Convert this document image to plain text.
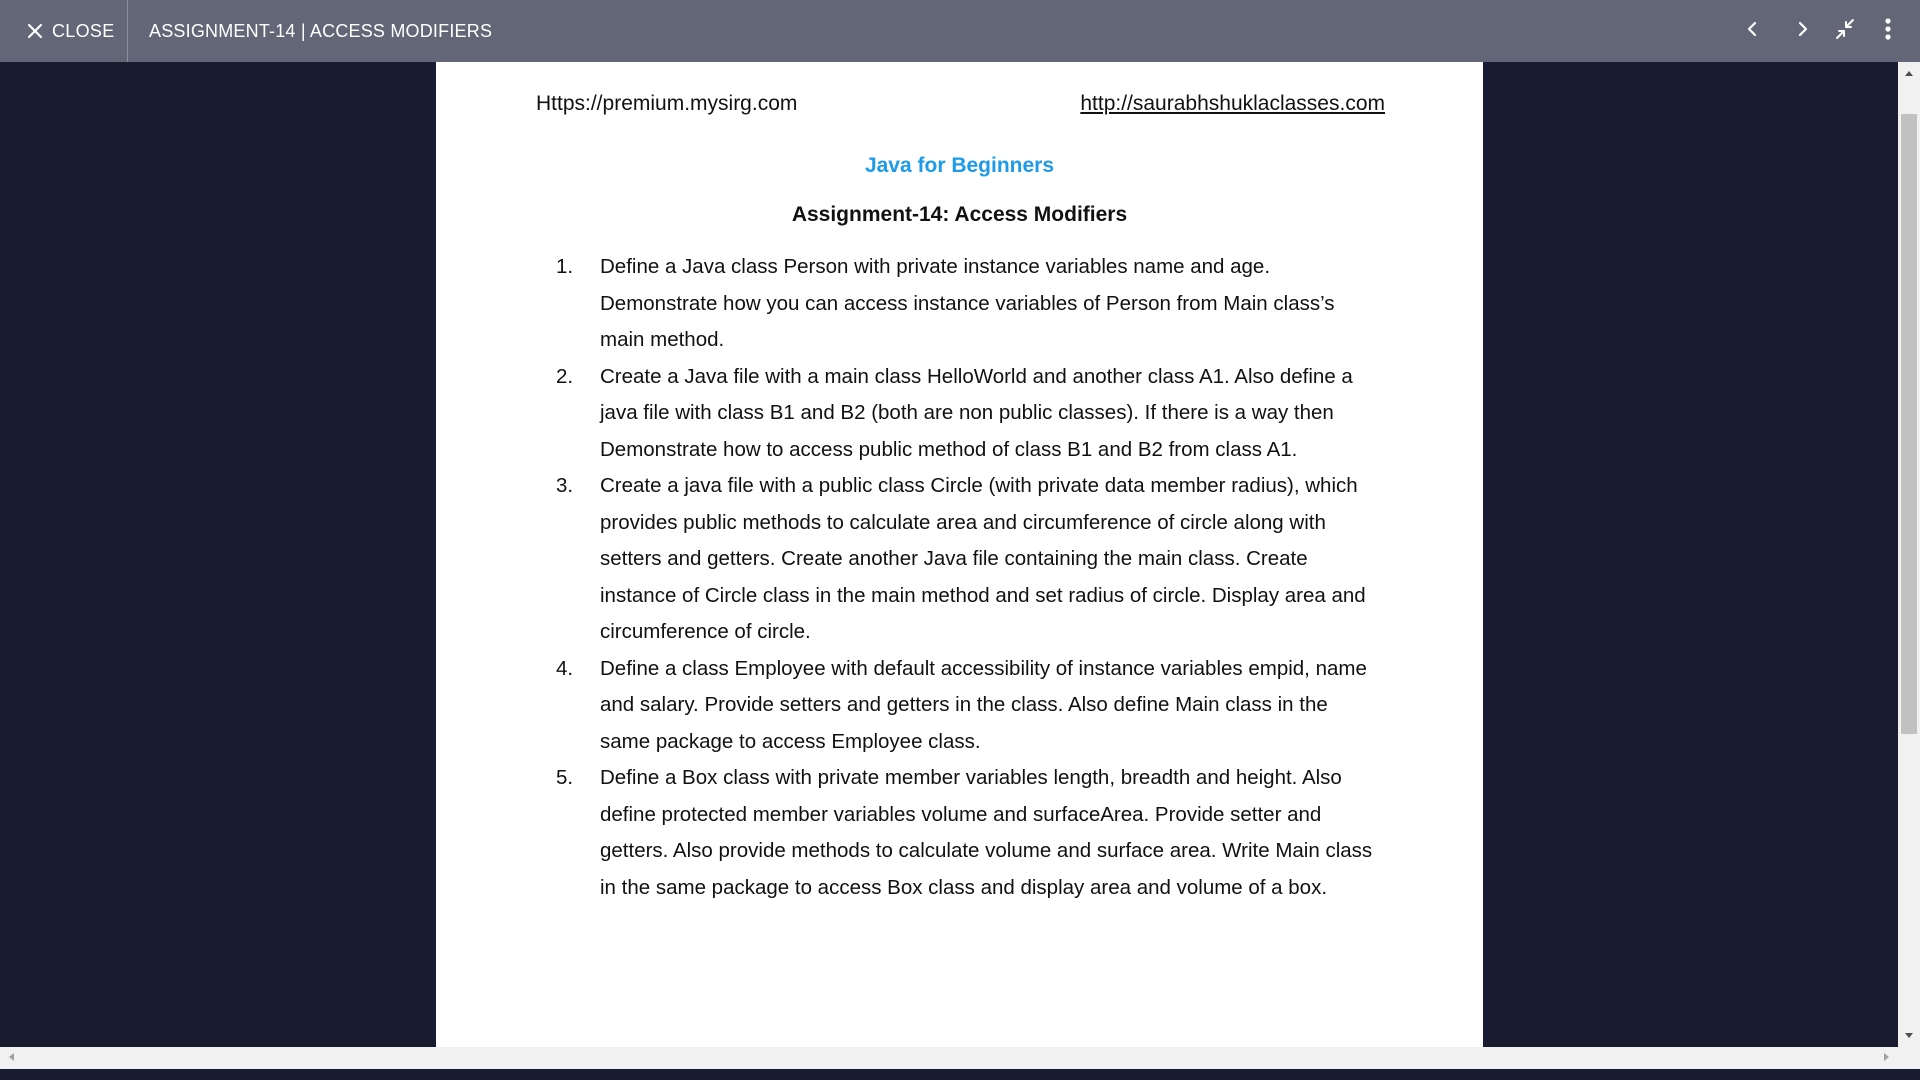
CLOSE ASSIGNMENT-14 | ACCESS MODIFIERS
Https://premium.mysirg.com	http://saurabhshuklaclasses.com
Java for Beginners
Assignment-14: Access Modifiers
1. Define a Java class Person with private instance variables name and age. Demonstrate how you can access instance variables of Person from Main class’s main method.
2. Create a Java file with a main class HelloWorld and another class A1. Also define a java file with class B1 and B2 (both are non public classes). If there is a way then Demonstrate how to access public method of class B1 and B2 from class A1.
3. Create a java file with a public class Circle (with private data member radius), which provides public methods to calculate area and circumference of circle along with setters and getters. Create another Java file containing the main class. Create instance of Circle class in the main method and set radius of circle. Display area and circumference of circle.
4. Define a class Employee with default accessibility of instance variables empid, name and salary. Provide setters and getters in the class. Also define Main class in the same package to access Employee class.
5. Define a Box class with private member variables length, breadth and height. Also define protected member variables volume and surfaceArea. Provide setter and getters. Also provide methods to calculate volume and surface area. Write Main class in the same package to access Box class and display area and volume of a box.
